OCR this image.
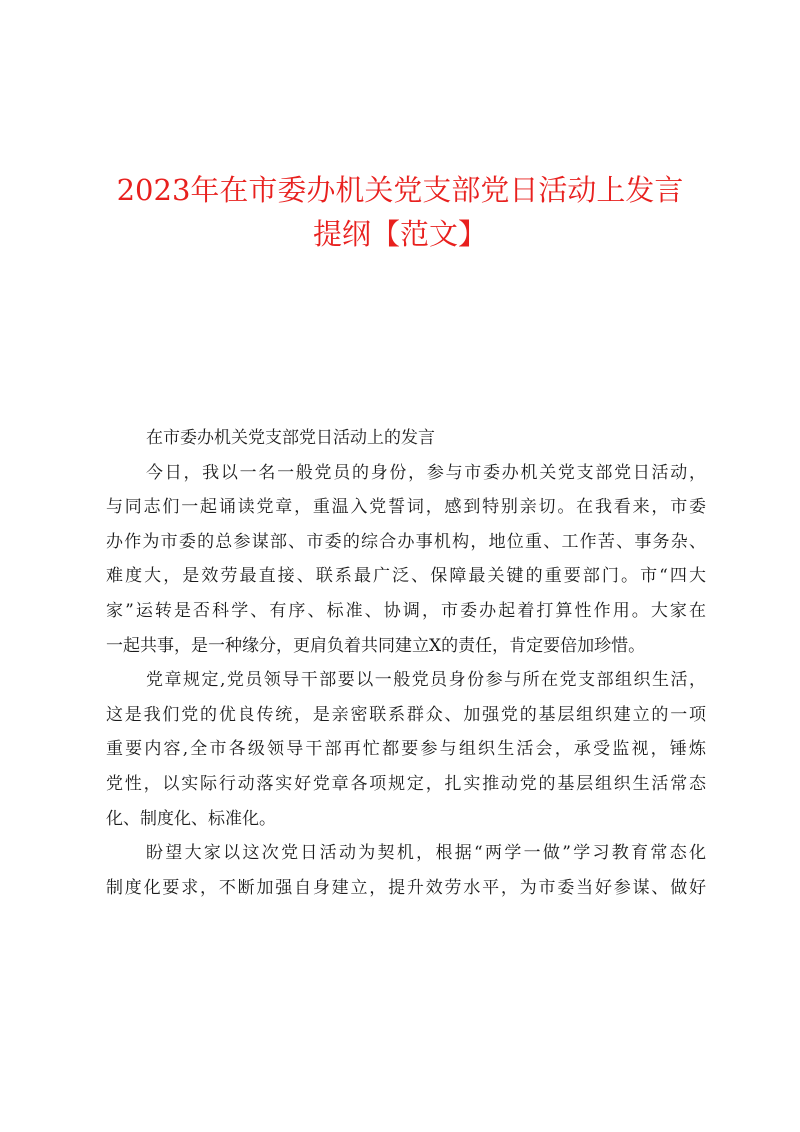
2023年在市委办机关党支部党日活动上发言
提纲【范文】
在市委办机关党支部党日活动上的发言

今日，我以一名一般党员的身份，参与市委办机关党支部党日活动，
与同志们一起诵读党章，重温入党誓词，感到特别亲切。在我看来，市委
办作为市委的总参谋部、市委的综合办事机构，地位重、工作苦、事务杂、
难度大，是效劳最直接、联系最广泛、保障最关键的重要部门。市“四大
家”运转是否科学、有序、标准、协调，市委办起着打算性作用。大家在
一起共事，是一种缘分，更肩负着共同建立X的责任，肯定要倍加珍惜。

党章规定,党员领导干部要以一般党员身份参与所在党支部组织生活，
这是我们党的优良传统，是亲密联系群众、加强党的基层组织建立的一项
重要内容,全市各级领导干部再忙都要参与组织生活会，承受监视，锤炼
党性，以实际行动落实好党章各项规定，扎实推动党的基层组织生活常态
化、制度化、标准化。

盼望大家以这次党日活动为契机，根据“两学一做”学习教育常态化
制度化要求，不断加强自身建立，提升效劳水平，为市委当好参谋、做好
